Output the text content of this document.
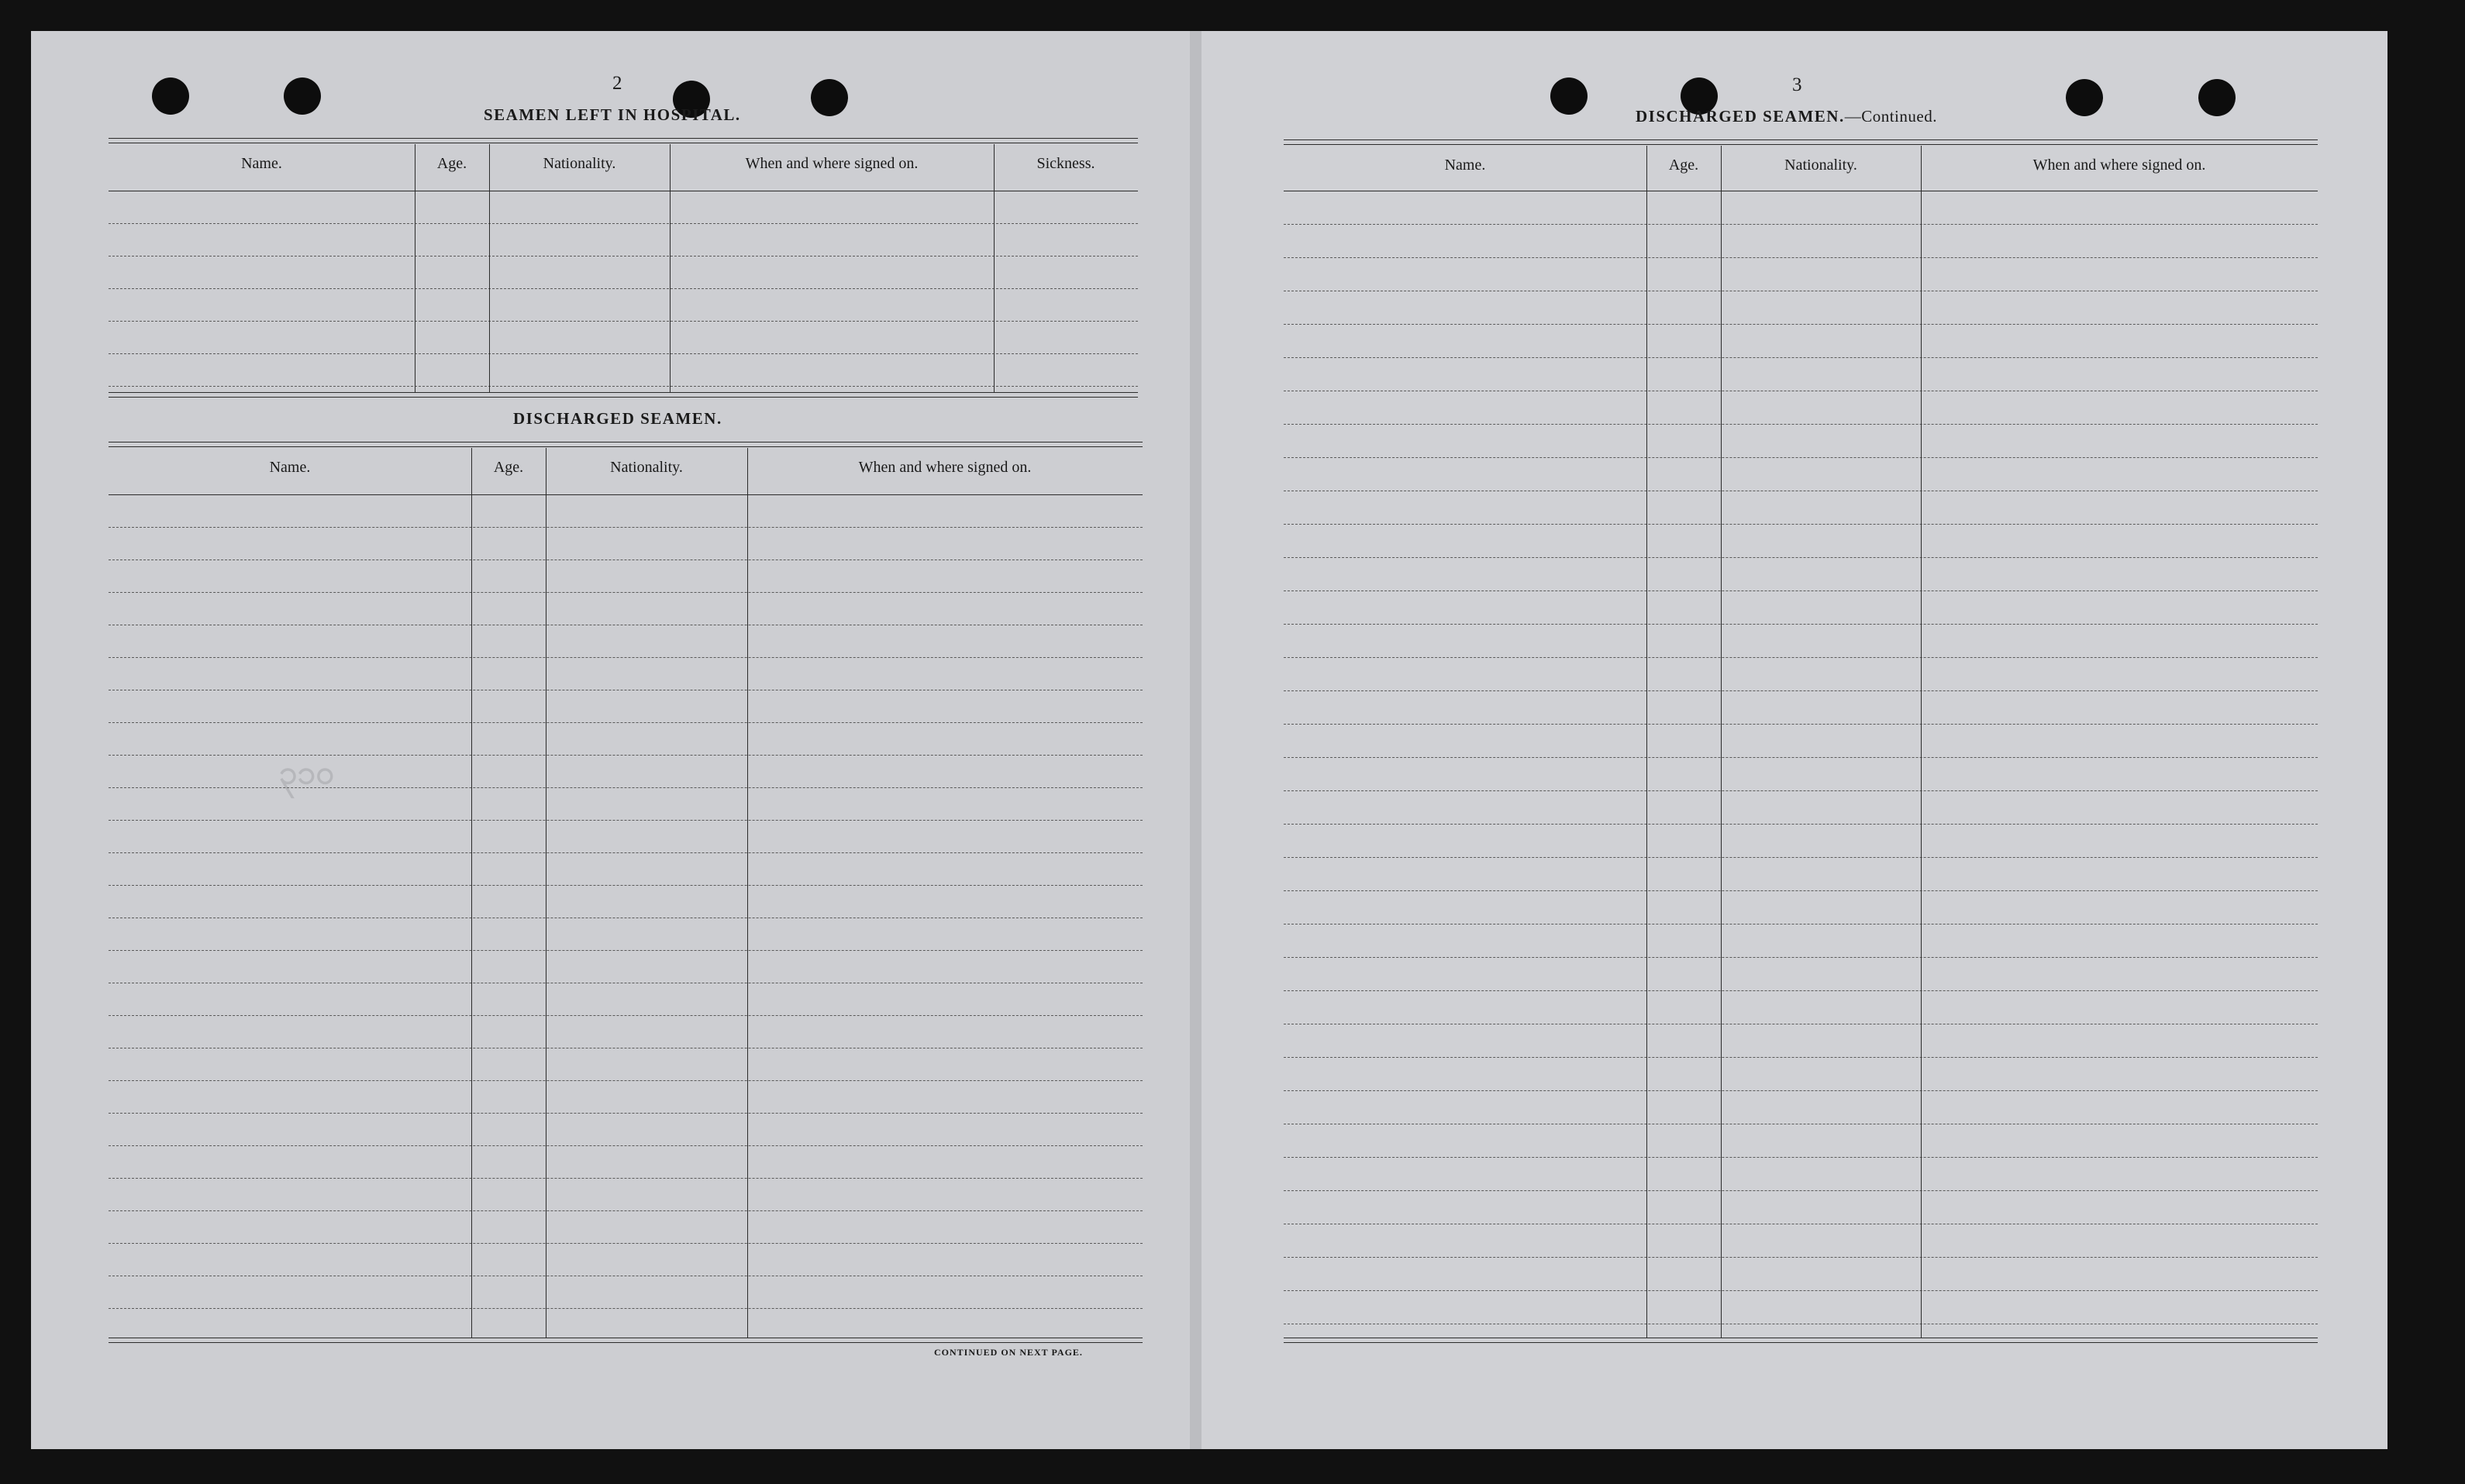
၃၁၀
2
SEAMEN LEFT IN HOSPITAL.
DISCHARGED SEAMEN.
CONTINUED ON NEXT PAGE.
3
DISCHARGED SEAMEN.—Continued.
Name.	Age.	Nationality.	When and where signed on.	Sickness.
Name.	Age.	Nationality.	When and where signed on.
Name.	Age.	Nationality.	When and where signed on.
